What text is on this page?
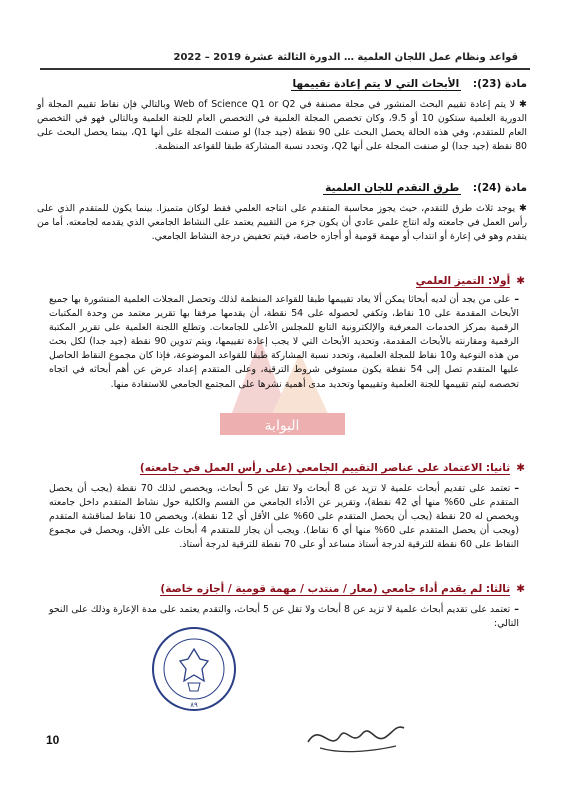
قواعد ونظام عمل اللجان العلمية … الدورة الثالثة عشرة 2019 – 2022
مادة (23): الأبحاث التي لا يتم إعادة تقييمها
✱لا يتم إعادة تقييم البحث المنشور في مجلة مصنفة في Web of Science Q1 or Q2 وبالتالي فإن نقاط تقييم المجلة أو الدورية العلمية ستكون 10 أو 9.5، وكان تخصص المجلة العلمية في التخصص العام للجنة العلمية وبالتالي فهو في التخصص العام للمتقدم، وفي هذه الحالة يحصل البحث على 90 نقطة (جيد جدا) لو صنفت المجلة على أنها Q1، بينما يحصل البحث على 80 نقطة (جيد جدا) لو صنفت المجلة على أنها Q2، وتحدد نسبة المشاركة طبقا للقواعد المنظمة.
مادة (24): طرق التقدم للجان العلمية
✱يوجد ثلاث طرق للتقدم، حيث يجوز محاسبة المتقدم على انتاجه العلمي فقط لوكان متميزا. بينما يكون للمتقدم الذي على رأس العمل في جامعته وله انتاج علمي عادي أن يكون جزء من التقييم يعتمد على النشاط الجامعي الذي يقدمه لجامعته. أما من يتقدم وهو في إعارة أو انتداب أو مهمة قومية أو أجازه خاصة، فيتم تخفيض درجة النشاط الجامعي.
البوابة
✱أولا: التميز العلمي
–على من يجد أن لديه أبحاثا يمكن ألا يعاد تقييمها طبقا للقواعد المنظمة لذلك وتحصل المجلات العلمية المنشورة بها جميع الأبحاث المقدمة على 10 نقاط، وتكفي لحصوله على 54 نقطة، أن يقدمها مرفقا بها تقرير معتمد من وحدة المكتبات الرقمية بمركز الخدمات المعرفية والإلكترونية التابع للمجلس الأعلى للجامعات. وتطلع اللجنة العلمية على تقرير المكتبة الرقمية ومقارنته بالأبحاث المقدمة، وتحديد الأبحاث التي لا يجب إعادة تقييمها، ويتم تدوين 90 نقطة (جيد جدا) لكل بحث من هذه النوعية و10 نقاط للمجلة العلمية، وتحدد نسبة المشاركة طبقا للقواعد الموضوعة، فإذا كان مجموع النقاط الحاصل عليها المتقدم تصل إلى 54 نقطة يكون مستوفي شروط الترقية، وعلى المتقدم إعداد عرض عن أهم أبحاثه في اتجاه تخصصه ليتم تقييمها للجنة العلمية وتقييمها وتحديد مدى أهمية نشرها على المجتمع الجامعي للاستفادة منها.
✱ثانيا: الاعتماد على عناصر التقييم الجامعي (على رأس العمل في جامعته)
–تعتمد على تقديم أبحاث علمية لا تزيد عن 8 أبحاث ولا تقل عن 5 أبحاث، ويخصص لذلك 70 نقطة (يجب أن يحصل المتقدم على 60% منها أي 42 نقطة)، وتقرير عن الأداء الجامعي من القسم والكلية حول نشاط المتقدم داخل جامعته ويخصص له 20 نقطة (يجب أن يحصل المتقدم على 60% على الأقل أي 12 نقطة)، ويخصص 10 نقاط لمناقشة المتقدم (ويجب أن يحصل المتقدم على 60% منها أي 6 نقاط). ويجب أن يجاز للمتقدم 4 أبحاث على الأقل، ويحصل في مجموع النقاط على 60 نقطة للترقية لدرجة أستاذ مساعد أو على 70 نقطة للترقية لدرجة أستاذ.
✱ثالثا: لم يقدم أداء جامعي (معار / منتدب / مهمة قومية / أجازه خاصة)
–تعتمد على تقديم أبحاث علمية لا تزيد عن 8 أبحاث ولا تقل عن 5 أبحاث، والتقدم يعتمد على مدة الإعارة وذلك على النحو التالي:
٨٩
10
